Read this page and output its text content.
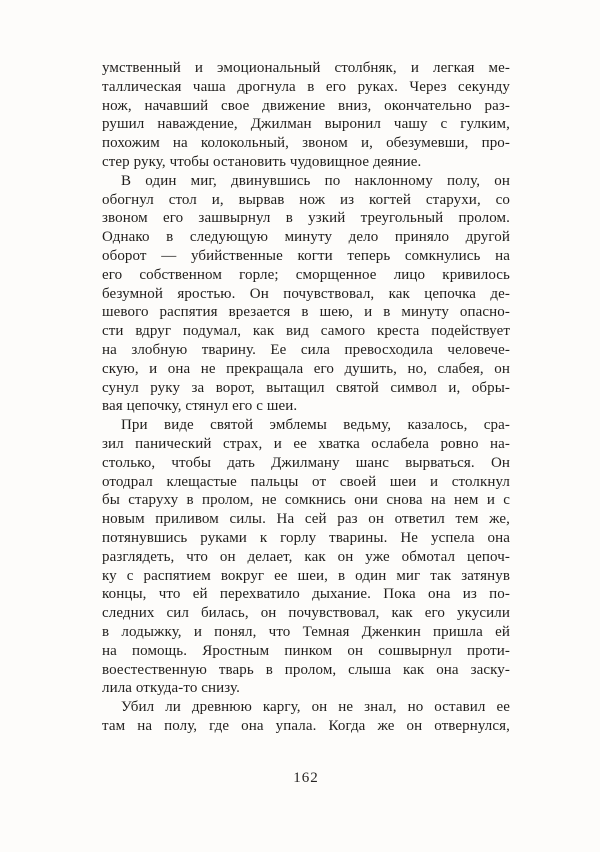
умственный и эмоциональный столбняк, и легкая ме-
таллическая чаша дрогнула в его руках. Через секунду
нож, начавший свое движение вниз, окончательно раз-
рушил наваждение, Джилман выронил чашу с гулким,
похожим на колокольный, звоном и, обезумевши, про-
стер руку, чтобы остановить чудовищное деяние.
В один миг, двинувшись по наклонному полу, он
обогнул стол и, вырвав нож из когтей старухи, со
звоном его зашвырнул в узкий треугольный пролом.
Однако в следующую минуту дело приняло другой
оборот — убийственные когти теперь сомкнулись на
его собственном горле; сморщенное лицо кривилось
безумной яростью. Он почувствовал, как цепочка де-
шевого распятия врезается в шею, и в минуту опасно-
сти вдруг подумал, как вид самого креста подействует
на злобную тварину. Ее сила превосходила человече-
скую, и она не прекращала его душить, но, слабея, он
сунул руку за ворот, вытащил святой символ и, обры-
вая цепочку, стянул его с шеи.
При виде святой эмблемы ведьму, казалось, сра-
зил панический страх, и ее хватка ослабела ровно на-
столько, чтобы дать Джилману шанс вырваться. Он
отодрал клещастые пальцы от своей шеи и столкнул
бы старуху в пролом, не сомкнись они снова на нем и с
новым приливом силы. На сей раз он ответил тем же,
потянувшись руками к горлу тварины. Не успела она
разглядеть, что он делает, как он уже обмотал цепоч-
ку с распятием вокруг ее шеи, в один миг так затянув
концы, что ей перехватило дыхание. Пока она из по-
следних сил билась, он почувствовал, как его укусили
в лодыжку, и понял, что Темная Дженкин пришла ей
на помощь. Яростным пинком он сошвырнул проти-
воестественную тварь в пролом, слыша как она заску-
лила откуда-то снизу.
Убил ли древнюю каргу, он не знал, но оставил ее
там на полу, где она упала. Когда же он отвернулся,
162
